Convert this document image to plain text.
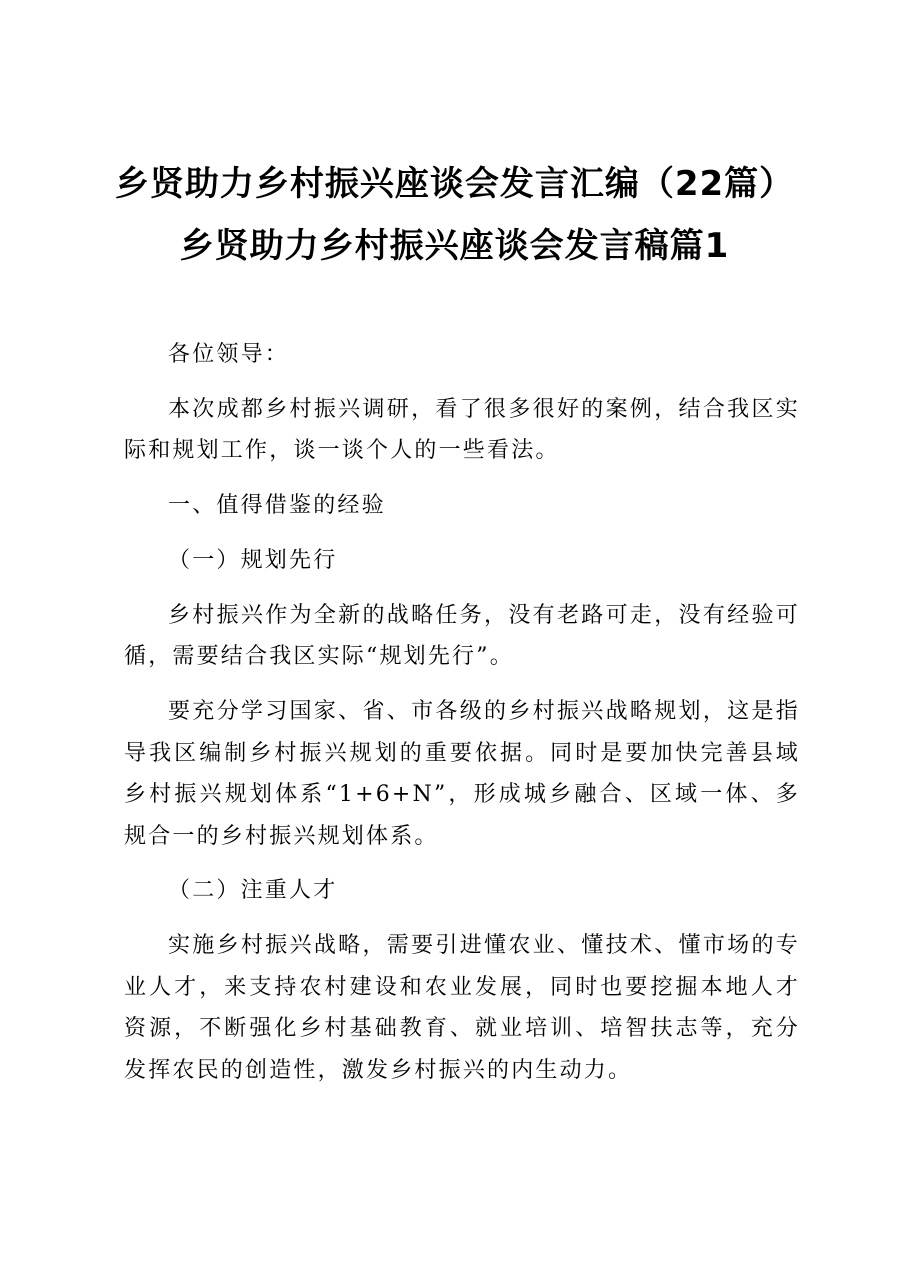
乡贤助力乡村振兴座谈会发言汇编（22篇）
乡贤助力乡村振兴座谈会发言稿篇1

各位领导：

本次成都乡村振兴调研，看了很多很好的案例，结合我区实际和规划工作，谈一谈个人的一些看法。

一、值得借鉴的经验

（一）规划先行

乡村振兴作为全新的战略任务，没有老路可走，没有经验可循，需要结合我区实际“规划先行”。

要充分学习国家、省、市各级的乡村振兴战略规划，这是指导我区编制乡村振兴规划的重要依据。同时是要加快完善县域乡村振兴规划体系“1+6+N”，形成城乡融合、区域一体、多规合一的乡村振兴规划体系。

（二）注重人才

实施乡村振兴战略，需要引进懂农业、懂技术、懂市场的专业人才，来支持农村建设和农业发展，同时也要挖掘本地人才资源，不断强化乡村基础教育、就业培训、培智扶志等，充分发挥农民的创造性，激发乡村振兴的内生动力。
